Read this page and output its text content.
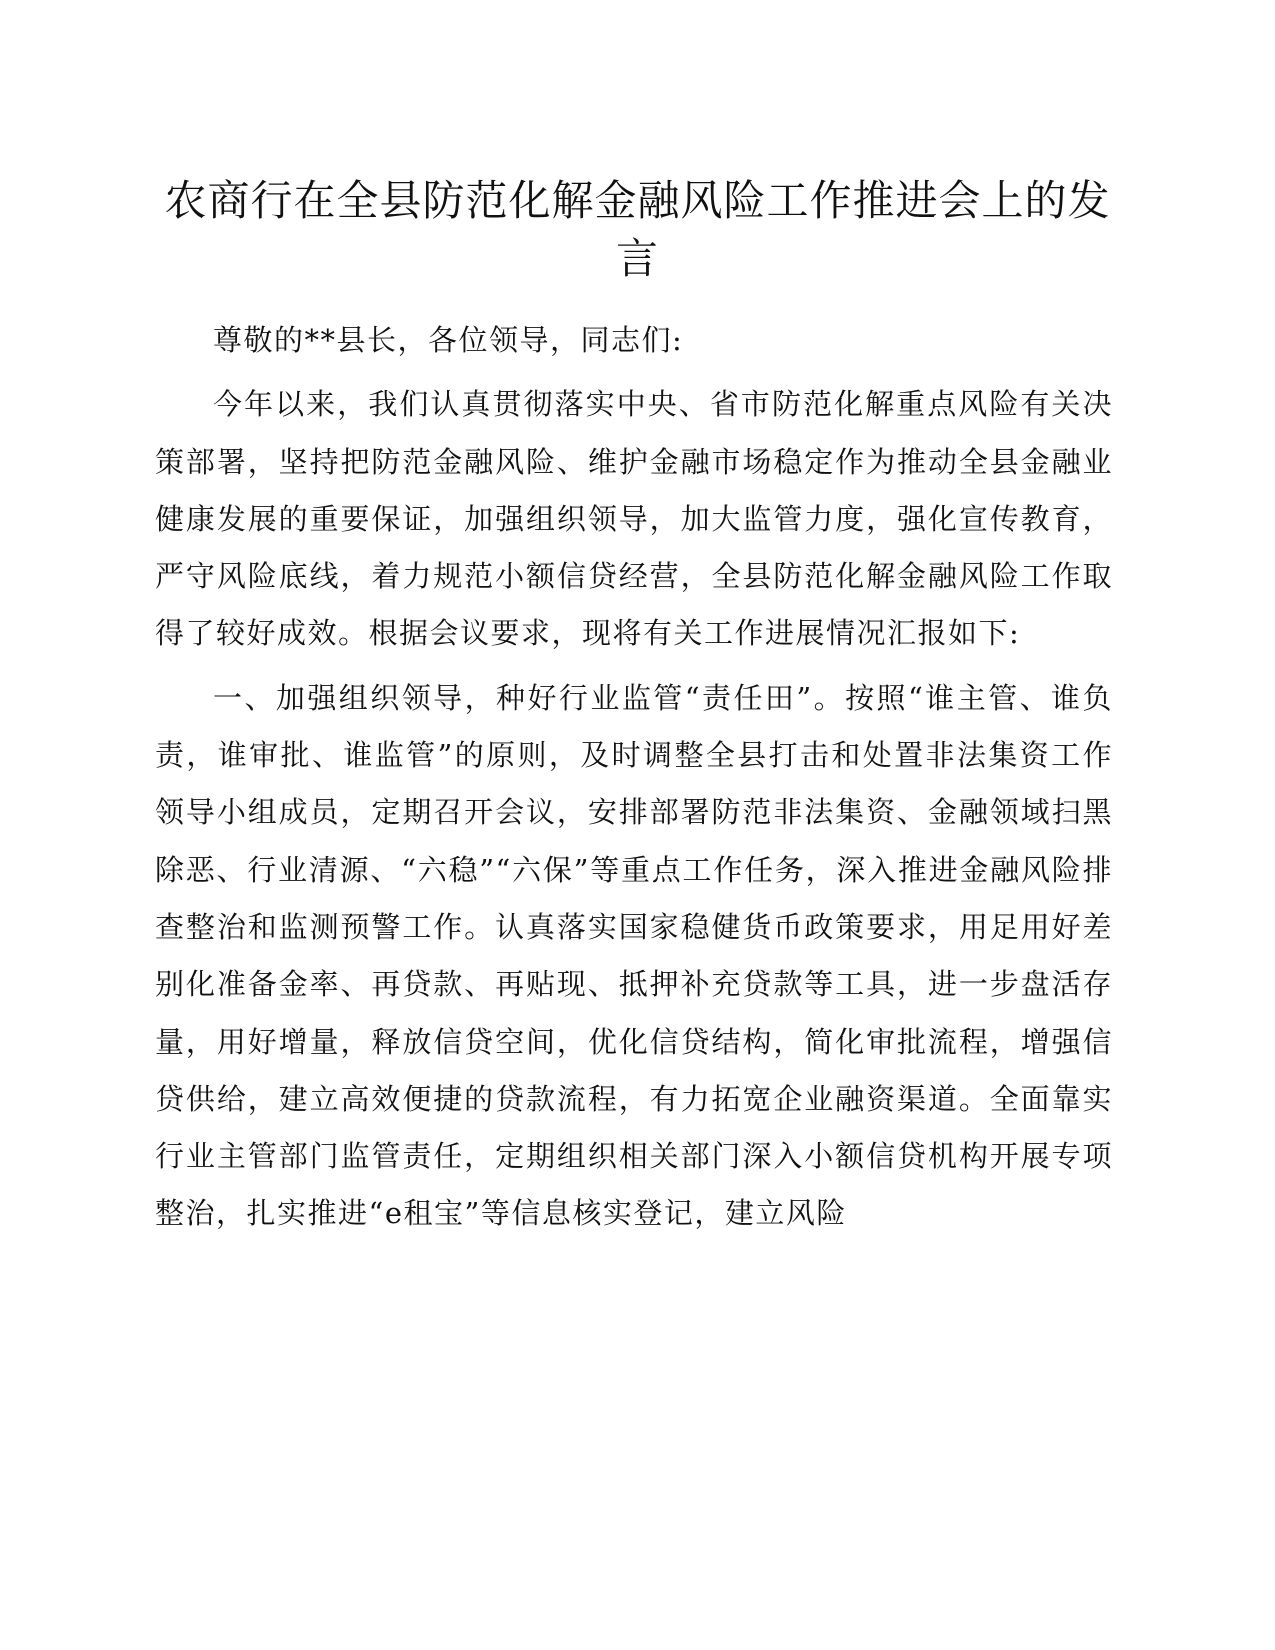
农商行在全县防范化解金融风险工作推进会上的发言

尊敬的**县长，各位领导，同志们:

今年以来，我们认真贯彻落实中央、省市防范化解重点风险有关决策部署，坚持把防范金融风险、维护金融市场稳定作为推动全县金融业健康发展的重要保证，加强组织领导，加大监管力度，强化宣传教育，严守风险底线，着力规范小额信贷经营，全县防范化解金融风险工作取得了较好成效。根据会议要求，现将有关工作进展情况汇报如下:

一、加强组织领导，种好行业监管“责任田”。按照“谁主管、谁负责，谁审批、谁监管”的原则，及时调整全县打击和处置非法集资工作领导小组成员，定期召开会议，安排部署防范非法集资、金融领域扫黑除恶、行业清源、“六稳”“六保”等重点工作任务，深入推进金融风险排查整治和监测预警工作。认真落实国家稳健货币政策要求，用足用好差别化准备金率、再贷款、再贴现、抵押补充贷款等工具，进一步盘活存量，用好增量，释放信贷空间，优化信贷结构，简化审批流程，增强信贷供给，建立高效便捷的贷款流程，有力拓宽企业融资渠道。全面靠实行业主管部门监管责任，定期组织相关部门深入小额信贷机构开展专项整治，扎实推进“e租宝”等信息核实登记，建立风险
